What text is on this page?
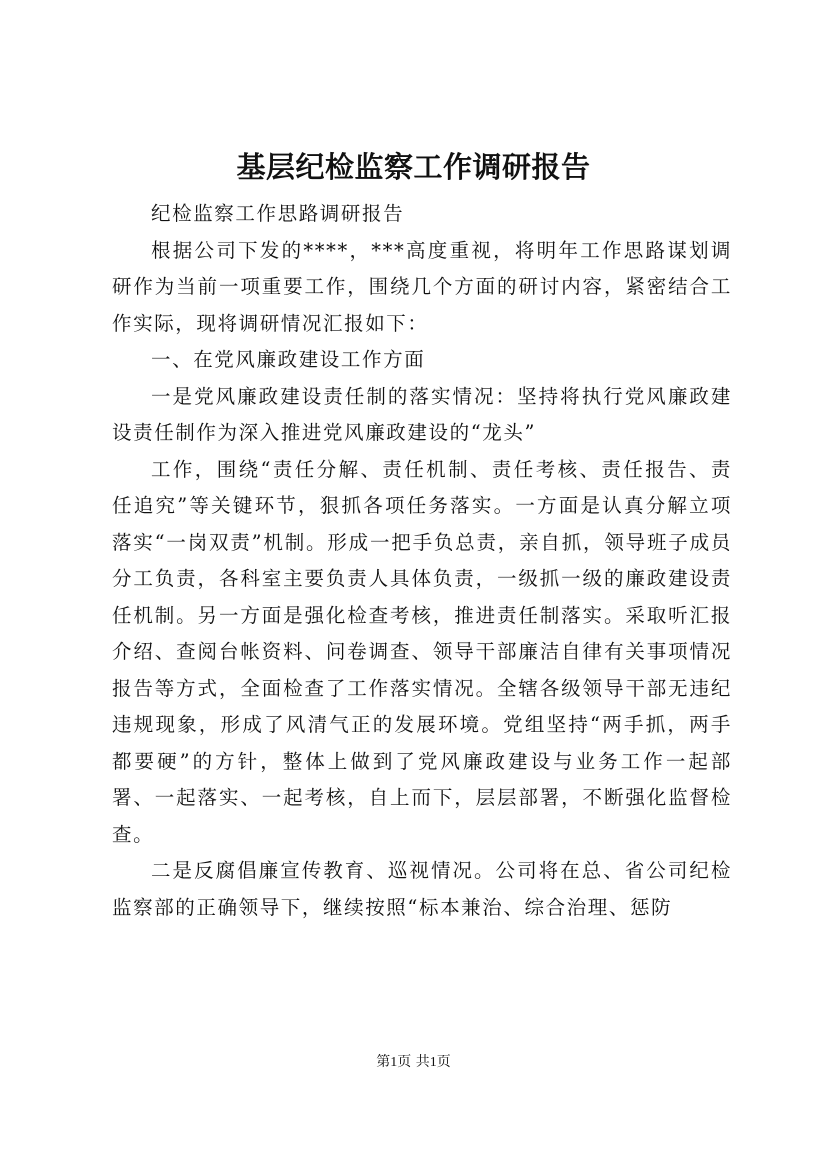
基层纪检监察工作调研报告

纪检监察工作思路调研报告

根据公司下发的****，***高度重视，将明年工作思路谋划调研作为当前一项重要工作，围绕几个方面的研讨内容，紧密结合工作实际，现将调研情况汇报如下：

一、在党风廉政建设工作方面

一是党风廉政建设责任制的落实情况：坚持将执行党风廉政建设责任制作为深入推进党风廉政建设的“龙头”

工作，围绕“责任分解、责任机制、责任考核、责任报告、责任追究”等关键环节，狠抓各项任务落实。一方面是认真分解立项落实“一岗双责”机制。形成一把手负总责，亲自抓，领导班子成员分工负责，各科室主要负责人具体负责，一级抓一级的廉政建设责任机制。另一方面是强化检查考核，推进责任制落实。采取听汇报介绍、查阅台帐资料、问卷调查、领导干部廉洁自律有关事项情况报告等方式，全面检查了工作落实情况。全辖各级领导干部无违纪违规现象，形成了风清气正的发展环境。党组坚持“两手抓，两手都要硬”的方针，整体上做到了党风廉政建设与业务工作一起部署、一起落实、一起考核，自上而下，层层部署，不断强化监督检查。

二是反腐倡廉宣传教育、巡视情况。公司将在总、省公司纪检监察部的正确领导下，继续按照“标本兼治、综合治理、惩防

第1页 共1页
